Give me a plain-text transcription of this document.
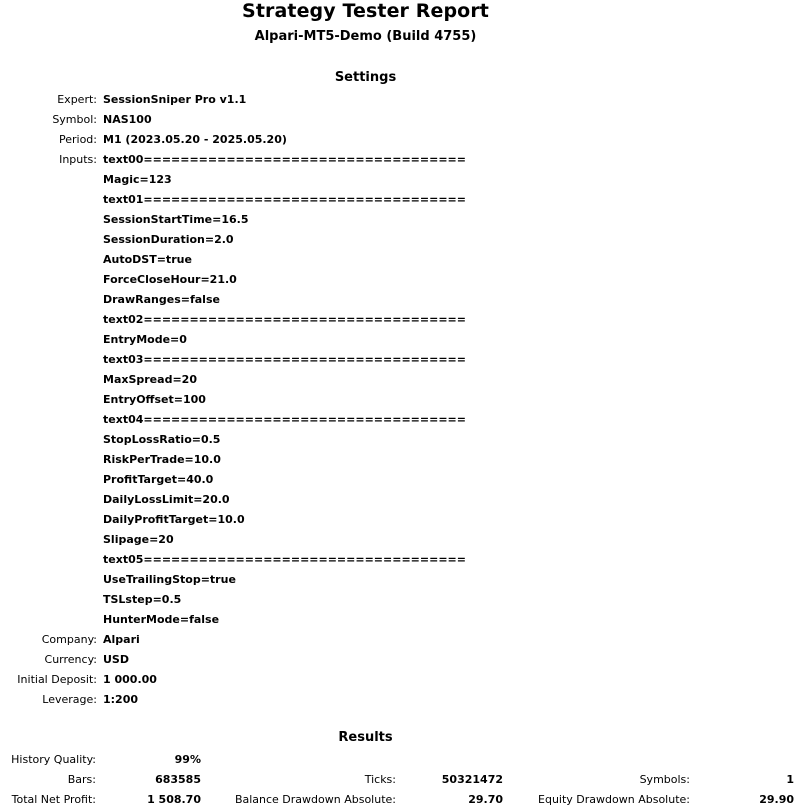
Strategy Tester Report
Alpari-MT5-Demo (Build 4755)
Settings
Expert: SessionSniper Pro v1.1
Symbol: NAS100
Period: M1 (2023.05.20 - 2025.05.20)
Inputs: text00===================================
Magic=123
text01===================================
SessionStartTime=16.5
SessionDuration=2.0
AutoDST=true
ForceCloseHour=21.0
DrawRanges=false
text02===================================
EntryMode=0
text03===================================
MaxSpread=20
EntryOffset=100
text04===================================
StopLossRatio=0.5
RiskPerTrade=10.0
ProfitTarget=40.0
DailyLossLimit=20.0
DailyProfitTarget=10.0
Slipage=20
text05===================================
UseTrailingStop=true
TSLstep=0.5
HunterMode=false
Company: Alpari
Currency: USD
Initial Deposit: 1 000.00
Leverage: 1:200
Results
History Quality:	99%
Bars:	683585	Ticks:	50321472	Symbols:	1
Total Net Profit:	1 508.70	Balance Drawdown Absolute:	29.70	Equity Drawdown Absolute:	29.90
